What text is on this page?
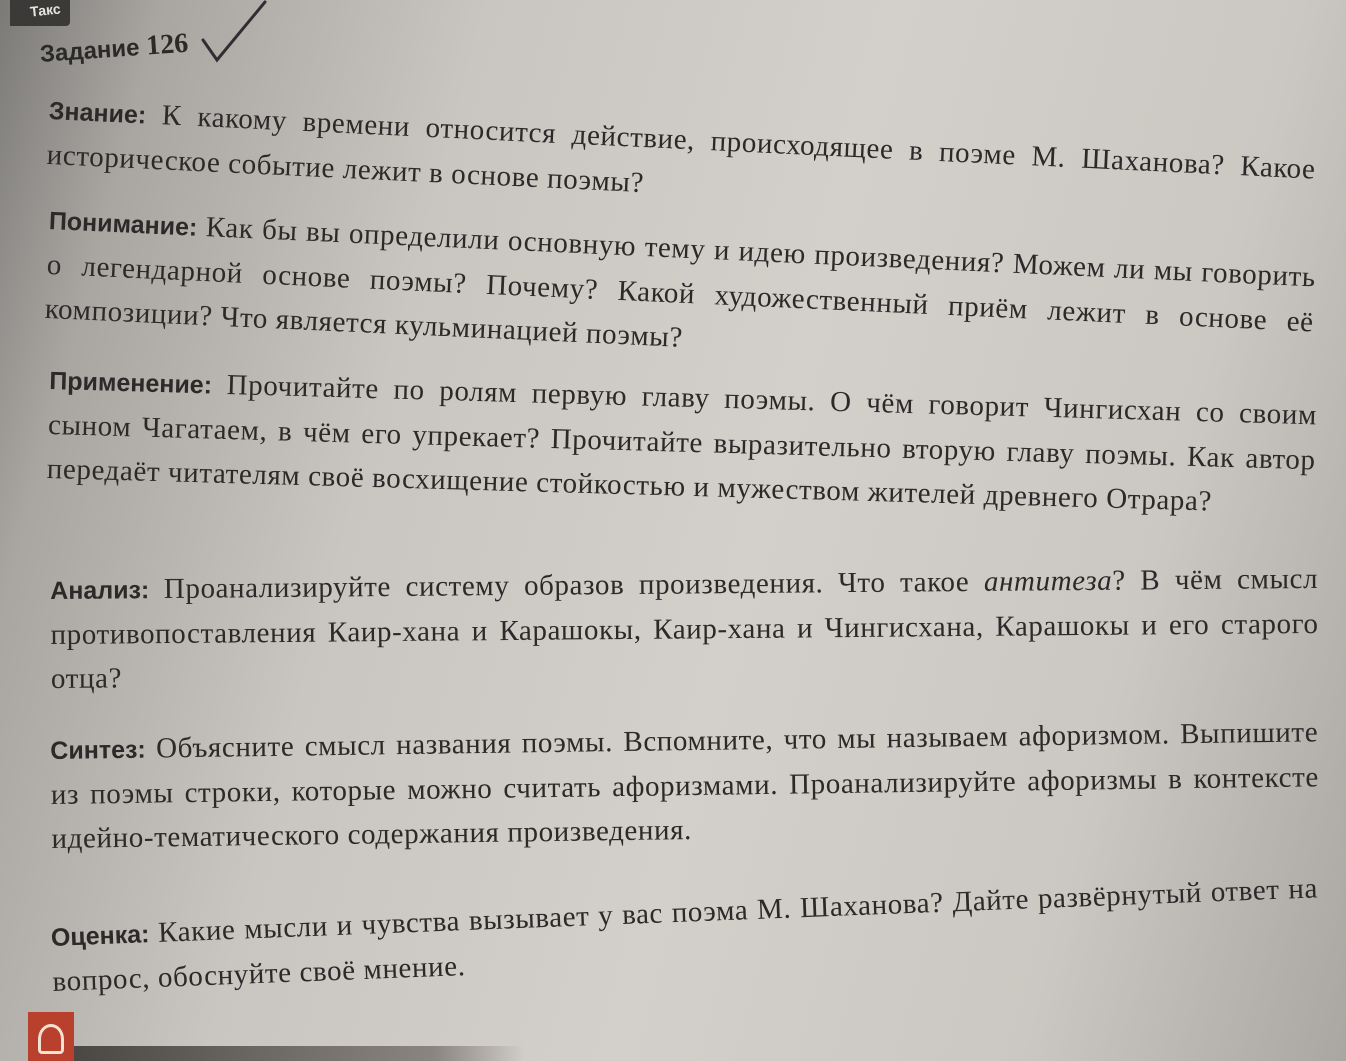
Такс
Задание 126
Знание: К какому времени относится действие, происходящее в поэме М. Шаханова? Какое историческое событие лежит в основе поэмы?
Понимание: Как бы вы определили основную тему и идею произведения? Можем ли мы говорить о легендарной основе поэмы? Почему? Какой художественный приём лежит в основе её композиции? Что является кульминацией поэмы?
Применение: Прочитайте по ролям первую главу поэмы. О чём говорит Чингисхан со своим сыном Чагатаем, в чём его упрекает? Прочитайте выразительно вторую главу поэмы. Как автор передаёт читателям своё восхищение стойкостью и мужеством жителей древнего Отрара?
Анализ: Проанализируйте систему образов произведения. Что такое антитеза? В чём смысл противопоставления Каир-хана и Карашокы, Каир-хана и Чингисхана, Карашокы и его старого отца?
Синтез: Объясните смысл названия поэмы. Вспомните, что мы называем афоризмом. Выпишите из поэмы строки, которые можно считать афоризмами. Проанализируйте афоризмы в контексте идейно-тематического содержания произведения.
Оценка: Какие мысли и чувства вызывает у вас поэма М. Шаханова? Дайте развёрнутый ответ на вопрос, обоснуйте своё мнение.
